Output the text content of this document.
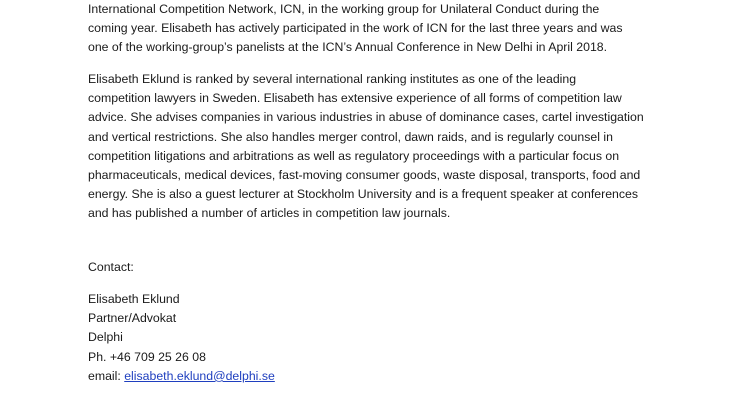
International Competition Network, ICN, in the working group for Unilateral Conduct during the
coming year. Elisabeth has actively participated in the work of ICN for the last three years and was
one of the working-group’s panelists at the ICN’s Annual Conference in New Delhi in April 2018.

Elisabeth Eklund is ranked by several international ranking institutes as one of the leading
competition lawyers in Sweden. Elisabeth has extensive experience of all forms of competition law
advice. She advises companies in various industries in abuse of dominance cases, cartel investigation
and vertical restrictions. She also handles merger control, dawn raids, and is regularly counsel in
competition litigations and arbitrations as well as regulatory proceedings with a particular focus on
pharmaceuticals, medical devices, fast-moving consumer goods, waste disposal, transports, food and
energy. She is also a guest lecturer at Stockholm University and is a frequent speaker at conferences
and has published a number of articles in competition law journals.

Contact:

Elisabeth Eklund
Partner/Advokat
Delphi
Ph. +46 709 25 26 08
email: elisabeth.eklund@delphi.se
